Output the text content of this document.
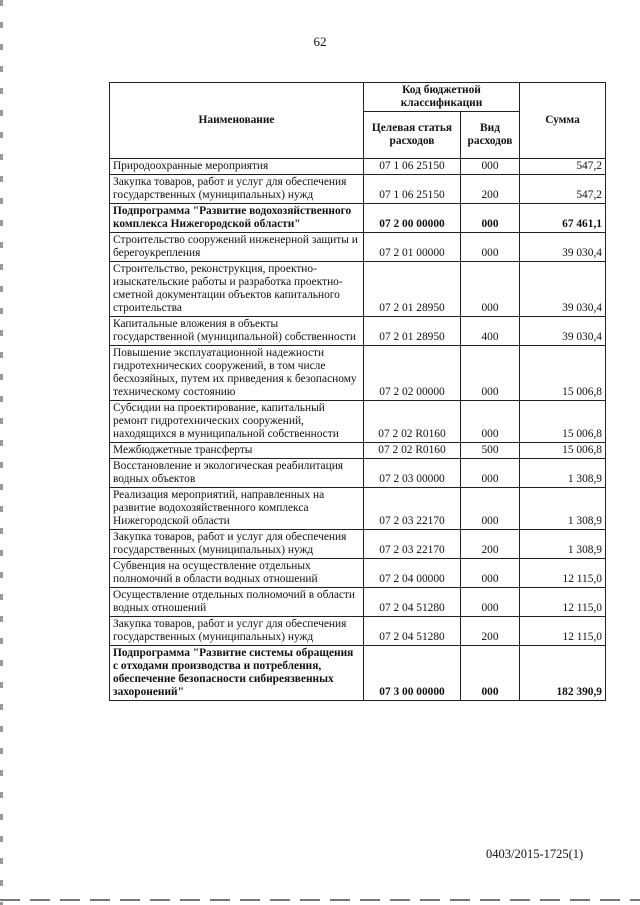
62
Наименование	Код бюджетной классификации		Сумма
	Целевая статья расходов	Вид расходов	
Природоохранные мероприятия	07 1 06 25150	000	547,2
Закупка товаров, работ и услуг для обеспечения государственных (муниципальных) нужд	07 1 06 25150	200	547,2
Подпрограмма "Развитие водохозяйственного комплекса Нижегородской области"	07 2 00 00000	000	67 461,1
Строительство сооружений инженерной защиты и берегоукрепления	07 2 01 00000	000	39 030,4
Строительство, реконструкция, проектно-изыскательские работы и разработка проектно-сметной документации объектов капитального строительства	07 2 01 28950	000	39 030,4
Капитальные вложения в объекты государственной (муниципальной) собственности	07 2 01 28950	400	39 030,4
Повышение эксплуатационной надежности гидротехнических сооружений, в том числе бесхозяйных, путем их приведения к безопасному техническому состоянию	07 2 02 00000	000	15 006,8
Субсидии на проектирование, капитальный ремонт гидротехнических сооружений, находящихся в муниципальной собственности	07 2 02 R0160	000	15 006,8
Межбюджетные трансферты	07 2 02 R0160	500	15 006,8
Восстановление и экологическая реабилитация водных объектов	07 2 03 00000	000	1 308,9
Реализация мероприятий, направленных на развитие водохозяйственного комплекса Нижегородской области	07 2 03 22170	000	1 308,9
Закупка товаров, работ и услуг для обеспечения государственных (муниципальных) нужд	07 2 03 22170	200	1 308,9
Субвенция на осуществление отдельных полномочий в области водных отношений	07 2 04 00000	000	12 115,0
Осуществление отдельных полномочий в области водных отношений	07 2 04 51280	000	12 115,0
Закупка товаров, работ и услуг для обеспечения государственных (муниципальных) нужд	07 2 04 51280	200	12 115,0
Подпрограмма "Развитие системы обращения с отходами производства и потребления, обеспечение безопасности сибиреязвенных захоронений"	07 3 00 00000	000	182 390,9
0403/2015-1725(1)
